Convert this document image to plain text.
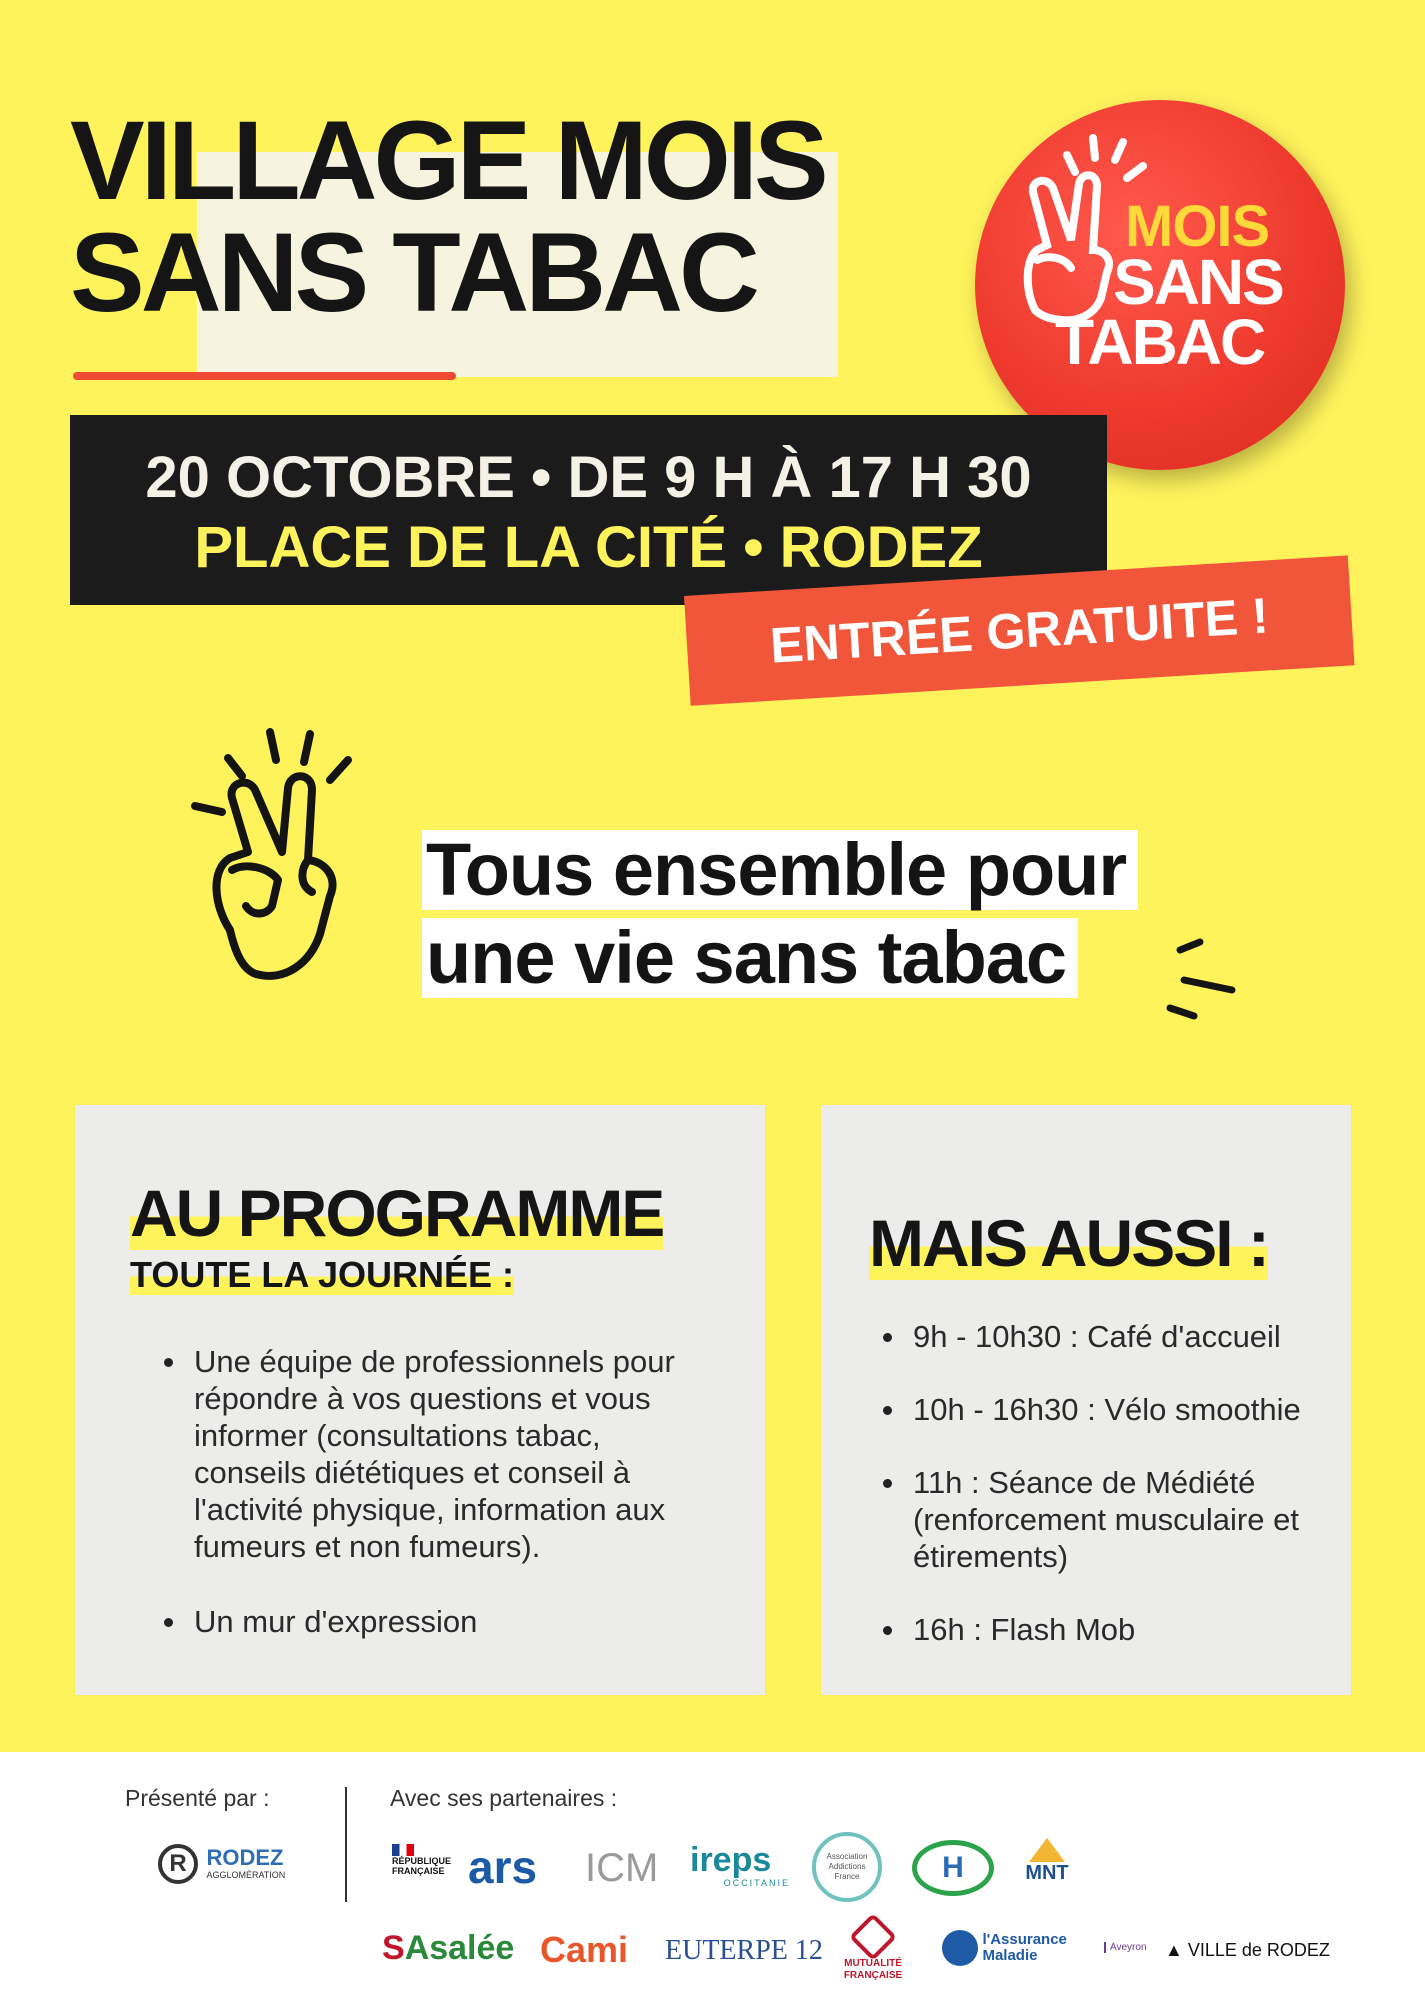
VILLAGE MOIS
SANS TABAC	MOIS
SANS
TABAC
20 OCTOBRE • DE 9 H À 17 H 30
PLACE DE LA CITÉ • RODEZ
ENTRÉE GRATUITE !
Tous ensemble pour
une vie sans tabac
AU PROGRAMME
TOUTE LA JOURNÉE :
Une équipe de professionnels pour répondre à vos questions et vous informer (consultations tabac, conseils diététiques et conseil à l'activité physique, information aux fumeurs et non fumeurs).
Un mur d'expression
MAIS AUSSI :
9h - 10h30 : Café d'accueil
10h - 16h30 : Vélo smoothie
11h : Séance de Médiété (renforcement musculaire et étirements)
16h : Flash Mob
Présenté par :	Avec ses partenaires :
R RODEZ
AGGLOMÉRATION
RÉPUBLIQUE FRANÇAISE ars ICM ireps
OCCITANIE
Association Addictions France	H	MNT
SAsalée Cami EUTERPE 12	MUTUALITÉ FRANÇAISE
l'Assurance Maladie	Aveyron ▲ VILLE de RODEZ
